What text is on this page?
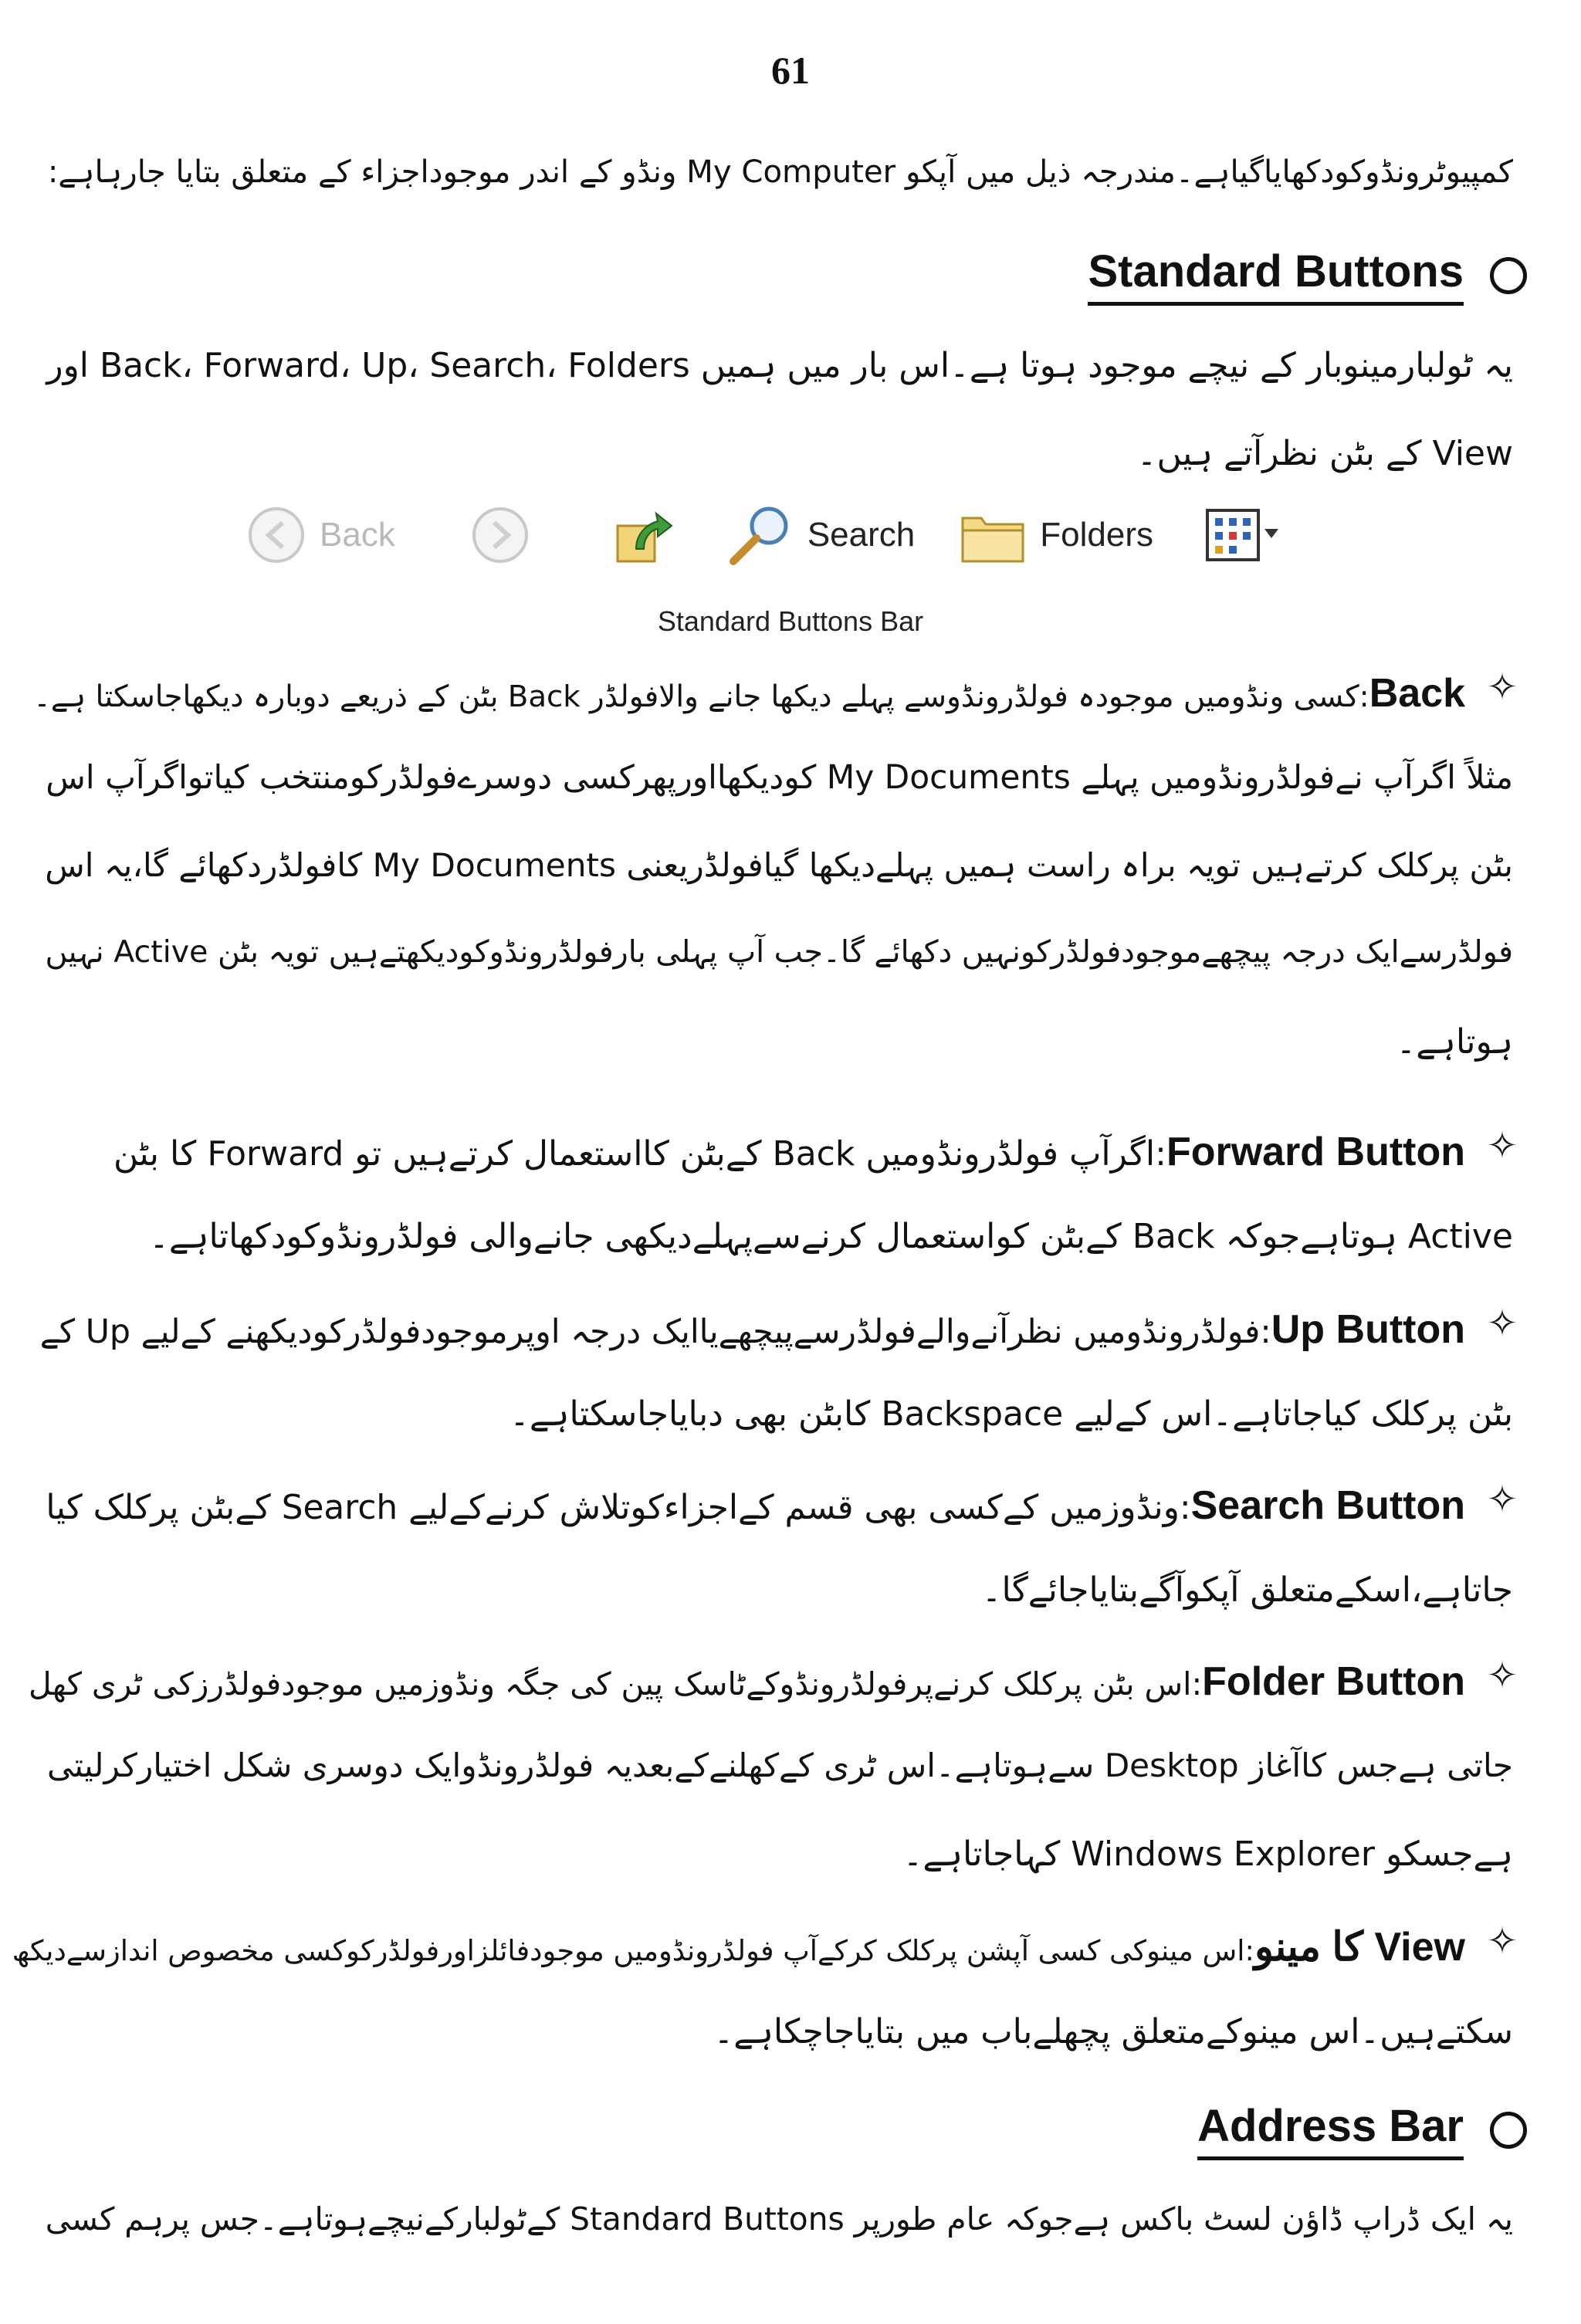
61
کمپیوٹرونڈوکودکھایاگیاہے۔مندرجہ ذیل میں آپکو My Computer ونڈو کے اندر موجوداجزاء کے متعلق بتایا جارہاہے:
Standard Buttons
یہ ٹولبارمینوبار کے نیچے موجود ہوتا ہے۔اس بار میں ہمیں Back، Forward، Up، Search، Folders اور
View کے بٹن نظرآتے ہیں۔
Back	Search	Folders
Standard Buttons Bar
✧
Back:کسی ونڈومیں موجودہ فولڈرونڈوسے پہلے دیکھا جانے والافولڈر Back بٹن کے ذریعے دوبارہ دیکھاجاسکتا ہے۔
مثلاً اگرآپ نےفولڈرونڈومیں پہلے My Documents کودیکھااورپھرکسی دوسرےفولڈرکومنتخب کیاتواگرآپ اس
بٹن پرکلک کرتےہیں تویہ براہ راست ہمیں پہلےدیکھا گیافولڈریعنی My Documents کافولڈردکھائے گا،یہ اس
فولڈرسےایک درجہ پیچھےموجودفولڈرکونہیں دکھائے گا۔جب آپ پہلی بارفولڈرونڈوکودیکھتےہیں تویہ بٹن Active نہیں
ہوتاہے۔
✧
Forward Button:اگرآپ فولڈرونڈومیں Back کےبٹن کااستعمال کرتےہیں تو Forward کا بٹن
Active ہوتاہےجوکہ Back کےبٹن کواستعمال کرنےسےپہلےدیکھی جانےوالی فولڈرونڈوکودکھاتاہے۔
✧
Up Button:فولڈرونڈومیں نظرآنےوالےفولڈرسےپیچھےیاایک درجہ اوپرموجودفولڈرکودیکھنے کےلیے Up کے
بٹن پرکلک کیاجاتاہے۔اس کےلیے Backspace کابٹن بھی دبایاجاسکتاہے۔
✧
Search Button:ونڈوزمیں کےکسی بھی قسم کےاجزاءکوتلاش کرنےکےلیے Search کےبٹن پرکلک کیا
جاتاہے،اسکےمتعلق آپکوآگےبتایاجائےگا۔
✧
Folder Button:اس بٹن پرکلک کرنےپرفولڈرونڈوکےٹاسک پین کی جگہ ونڈوزمیں موجودفولڈرزکی ٹری کھل
جاتی ہےجس کاآغاز Desktop سےہوتاہے۔اس ٹری کےکھلنےکےبعدیہ فولڈرونڈوایک دوسری شکل اختیارکرلیتی
ہےجسکو Windows Explorer کہاجاتاہے۔
✧
View کا مینو:اس مینوکی کسی آپشن پرکلک کرکےآپ فولڈرونڈومیں موجودفائلزاورفولڈرکوکسی مخصوص اندازسےدیکھ
سکتےہیں۔اس مینوکےمتعلق پچھلےباب میں بتایاجاچکاہے۔
Address Bar
یہ ایک ڈراپ ڈاؤن لسٹ باکس ہےجوکہ عام طورپر Standard Buttons کےٹولبارکےنیچےہوتاہے۔جس پرہم کسی
